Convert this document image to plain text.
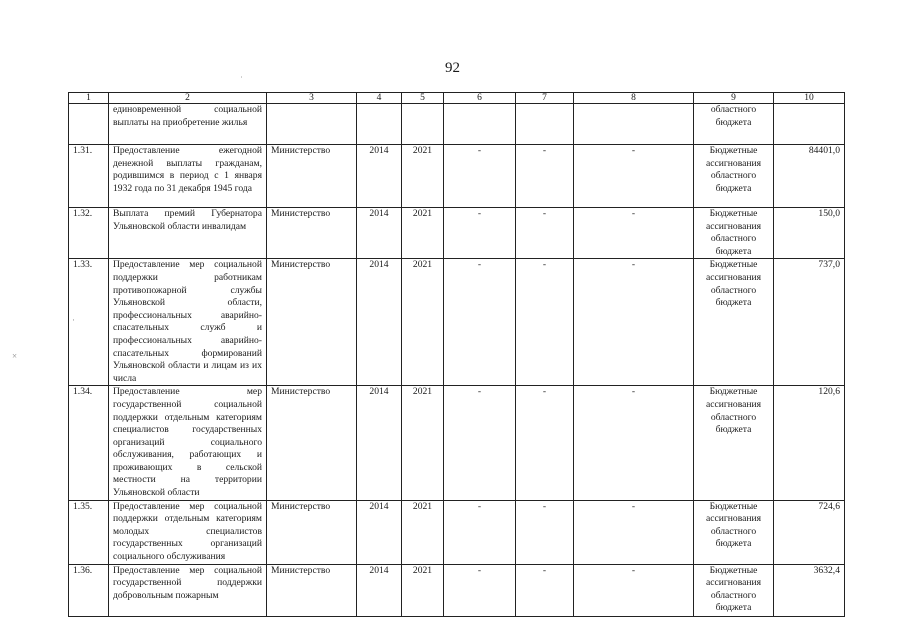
92
1	2	3	4	5	6	7	8	9	10
	единовременной социальной выплаты на приобретение жилья							областного бюджета	
1.31.	Предоставление ежегодной денежной выплаты гражданам, родившимся в период с 1 января 1932 года по 31 декабря 1945 года	Министерство	2014	2021	-	-	-	Бюджетные ассигнования областного бюджета	84401,0
1.32.	Выплата премий Губернатора Ульяновской области инвалидам	Министерство	2014	2021	-	-	-	Бюджетные ассигнования областного бюджета	150,0
1.33.	Предоставление мер социальной поддержки работникам противопожарной службы Ульяновской области, профессиональных аварийно-спасательных служб и профессиональных аварийно-спасательных формирований Ульяновской области и лицам из их числа	Министерство	2014	2021	-	-	-	Бюджетные ассигнования областного бюджета	737,0
1.34.	Предоставление мер государственной социальной поддержки отдельным категориям специалистов государственных организаций социального обслуживания, работающих и проживающих в сельской местности на территории Ульяновской области	Министерство	2014	2021	-	-	-	Бюджетные ассигнования областного бюджета	120,6
1.35.	Предоставление мер социальной поддержки отдельным категориям молодых специалистов государственных организаций социального обслуживания	Министерство	2014	2021	-	-	-	Бюджетные ассигнования областного бюджета	724,6
1.36.	Предоставление мер социальной государственной поддержки добровольным пожарным	Министерство	2014	2021	-	-	-	Бюджетные ассигнования областного бюджета	3632,4
˙
×
·
